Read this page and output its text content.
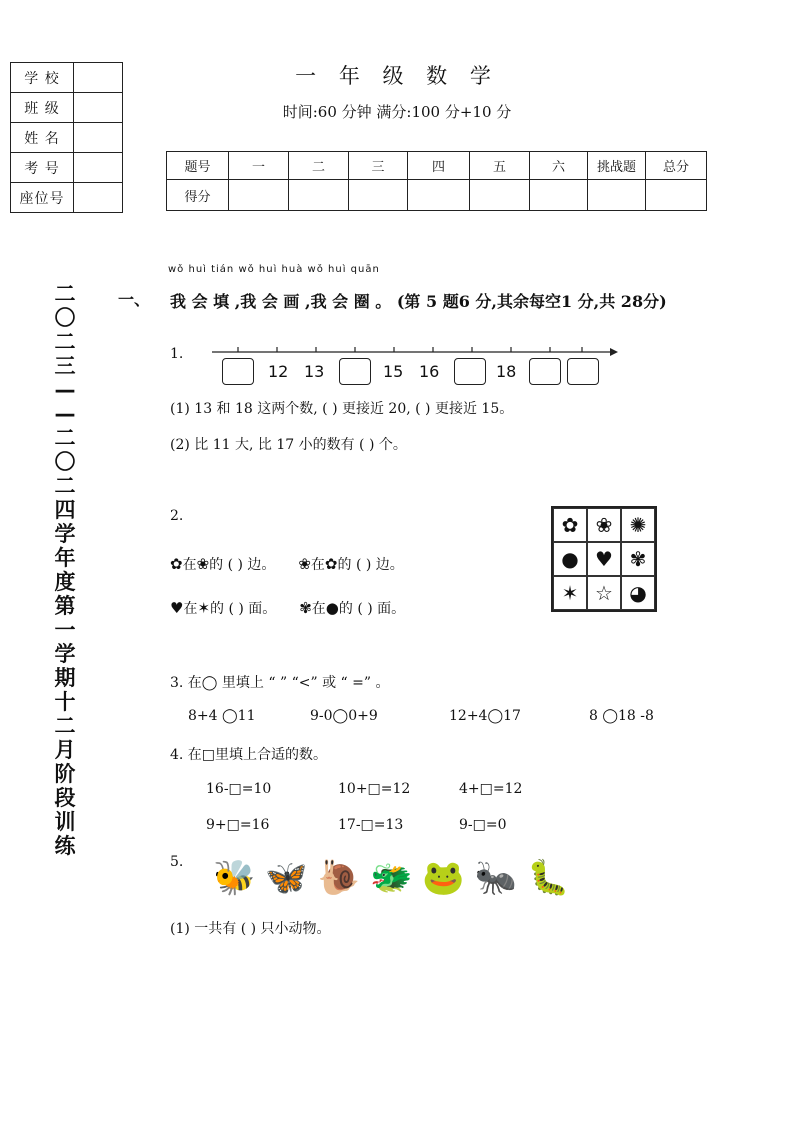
学 校	
班 级	
姓 名	
考 号	
座位号	
一 年 级 数 学
时间:60 分钟 满分:100 分+10 分
题号	一	二	三	四	五	六	挑战题	总分
得分								
二
〇
二
三
—
—
二
〇
二
四
学
年
度
第
一
学
期
十
二
月
阶
段
训
练
wǒ huì tián wǒ huì huà wǒ huì quān
一、 我 会 填 ,我 会 画 ,我 会 圈 。 (第 5 题6 分,其余每空1 分,共 28分)
1.
12 13	15 16	18
(1) 13 和 18 这两个数, ( ) 更接近 20, ( ) 更接近 15。
(2) 比 11 大, 比 17 小的数有 ( ) 个。
2.
✿在❀的 ( ) 边。 ❀在✿的 ( ) 边。
♥在✶的 ( ) 面。 ✾在●的 ( ) 面。
✿ ❀ ✺
● ♥ ✾
✶ ☆ ◕
3. 在◯ 里填上 “ ” “<” 或 “ =” 。
8+4 ◯11	9-0◯0+9	12+4◯17	8 ◯18 -8
4. 在□里填上合适的数。
16-□=10	10+□=12	4+□=12
9+□=16	17-□=13	9-□=0
5. 🐝🦋🐌🐲🐸🐜🐛
(1) 一共有 ( ) 只小动物。
